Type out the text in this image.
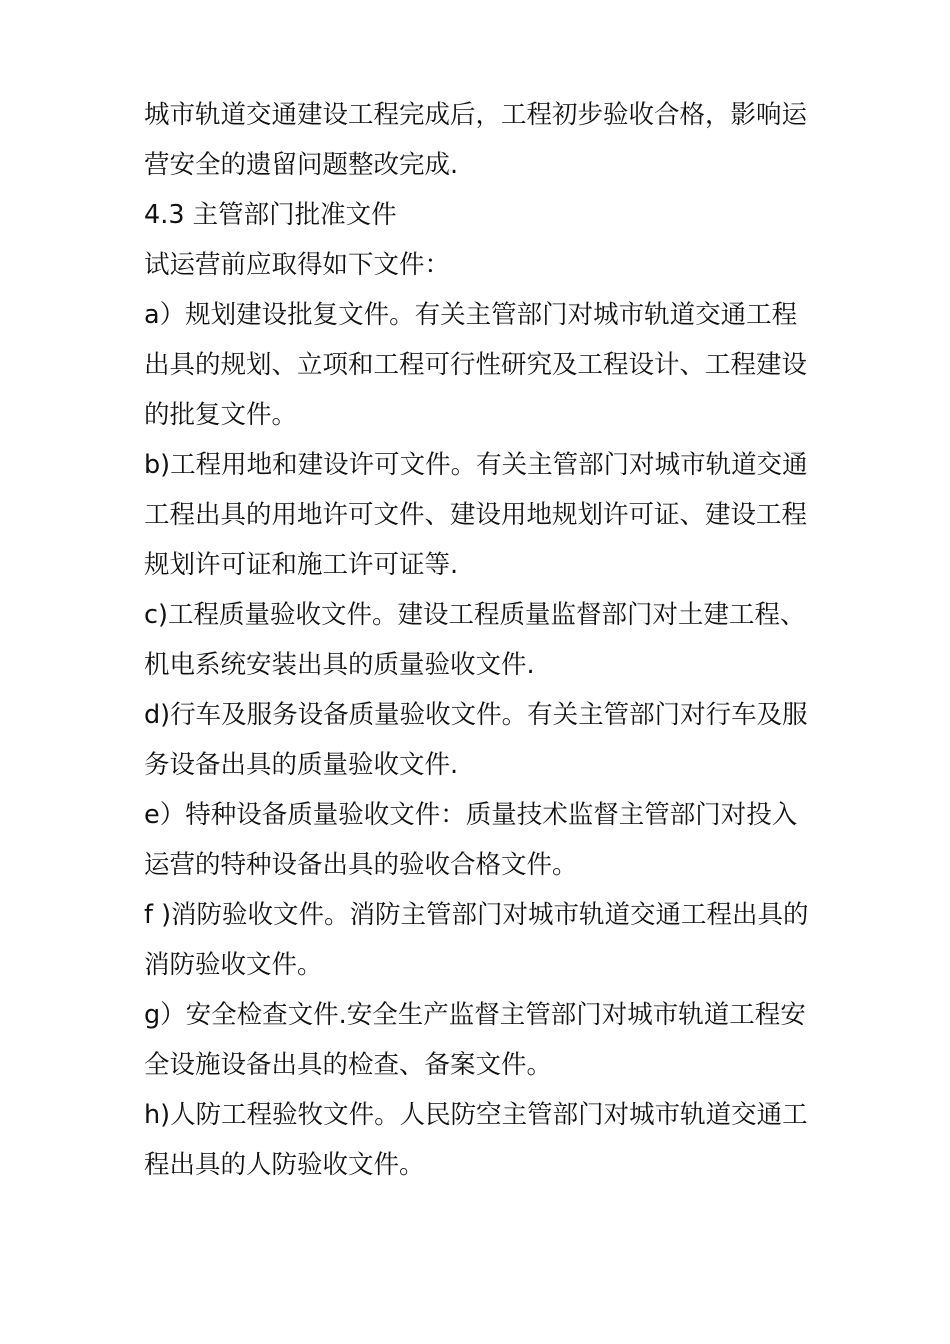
城市轨道交通建设工程完成后，工程初步验收合格，影响运
营安全的遗留问题整改完成.
4.3 主管部门批准文件
试运营前应取得如下文件：
a）规划建设批复文件。有关主管部门对城市轨道交通工程
出具的规划、立项和工程可行性研究及工程设计、工程建设
的批复文件。
b)工程用地和建设许可文件。有关主管部门对城市轨道交通
工程出具的用地许可文件、建设用地规划许可证、建设工程
规划许可证和施工许可证等.
c)工程质量验收文件。建设工程质量监督部门对土建工程、
机电系统安装出具的质量验收文件.
d)行车及服务设备质量验收文件。有关主管部门对行车及服
务设备出具的质量验收文件.
e）特种设备质量验收文件：质量技术监督主管部门对投入
运营的特种设备出具的验收合格文件。
f )消防验收文件。消防主管部门对城市轨道交通工程出具的
消防验收文件。
g）安全检查文件.安全生产监督主管部门对城市轨道工程安
全设施设备出具的检查、备案文件。
h)人防工程验牧文件。人民防空主管部门对城市轨道交通工
程出具的人防验收文件。
